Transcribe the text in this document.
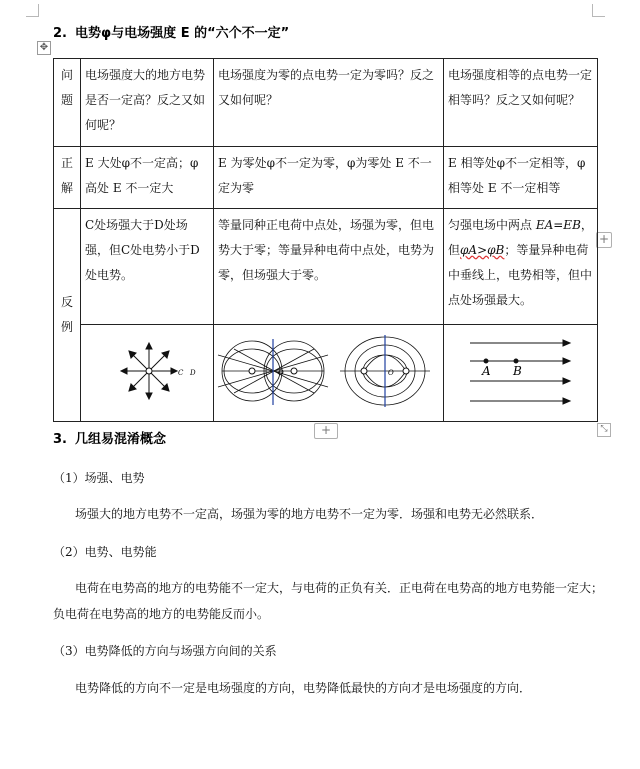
2. 电势φ与电场强度 E 的“六个不一定”
✥
+
+	⤡
问题	电场强度大的地方电势是否一定高？反之又如何呢？	电场强度为零的点电势一定为零吗？反之又如何呢？	电场强度相等的点电势一定相等吗？反之又如何呢？
正解	E 大处φ不一定高；φ高处 E 不一定大	E 为零处φ不一定为零，φ为零处 E 不一定为零	E 相等处φ不一定相等，φ相等处 E 不一定相等
反例	C处场强大于D处场强，但C处电势小于D处电势。	等量同种正电荷中点处，场强为零，但电势大于零；等量异种电荷中点处，电势为零，但场强大于零。	匀强电场中两点 EA=EB，但φA>φB；等量异种电荷中垂线上，电势相等，但中点处场强最大。

C D	O O	A B
3. 几组易混淆概念
（1）场强、电势
场强大的地方电势不一定高，场强为零的地方电势不一定为零．场强和电势无必然联系．
（2）电势、电势能
电荷在电势高的地方的电势能不一定大，与电荷的正负有关．正电荷在电势高的地方电势能一定大；
负电荷在电势高的地方的电势能反而小。
（3）电势降低的方向与场强方向间的关系
电势降低的方向不一定是电场强度的方向，电势降低最快的方向才是电场强度的方向．
